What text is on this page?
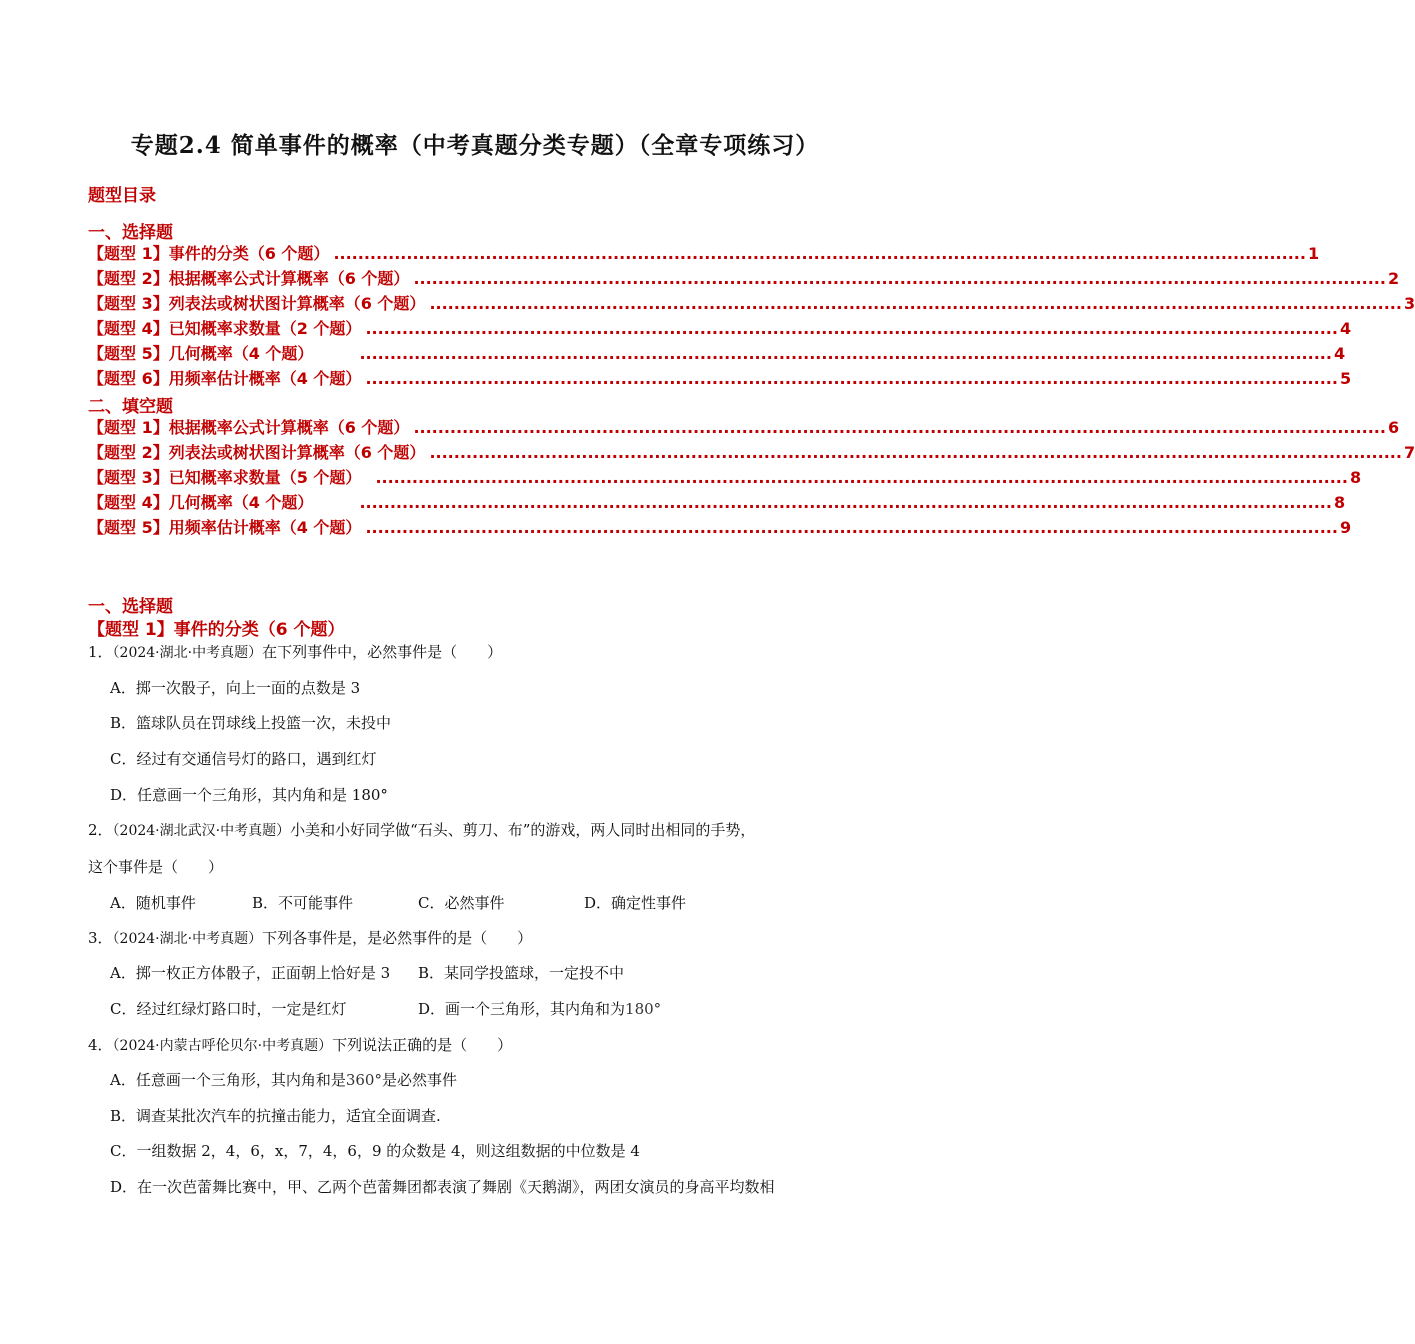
专题2.4 简单事件的概率（中考真题分类专题）（全章专项练习）
题型目录
一、选择题
【题型 1】事件的分类（6 个题） ................................................................................................................................................................ 1
【题型 2】根据概率公式计算概率（6 个题） ................................................................................................................................................................ 2
【题型 3】列表法或树状图计算概率（6 个题） ................................................................................................................................................................ 3
【题型 4】已知概率求数量（2 个题） ................................................................................................................................................................ 4
【题型 5】几何概率（4 个题）	................................................................................................................................................................ 4
【题型 6】用频率估计概率（4 个题） ................................................................................................................................................................ 5
二、填空题
【题型 1】根据概率公式计算概率（6 个题） ................................................................................................................................................................ 6
【题型 2】列表法或树状图计算概率（6 个题） ................................................................................................................................................................ 7
【题型 3】已知概率求数量（5 个题） ................................................................................................................................................................ 8
【题型 4】几何概率（4 个题）	................................................................................................................................................................ 8
【题型 5】用频率估计概率（4 个题） ................................................................................................................................................................ 9
一、选择题
【题型 1】事件的分类（6 个题）
1．（2024·湖北·中考真题）在下列事件中，必然事件是（　　）
A．掷一次骰子，向上一面的点数是 3
B．篮球队员在罚球线上投篮一次，未投中
C．经过有交通信号灯的路口，遇到红灯
D．任意画一个三角形，其内角和是 180°
2．（2024·湖北武汉·中考真题）小美和小好同学做“石头、剪刀、布”的游戏，两人同时出相同的手势，
这个事件是（　　）
A．随机事件	B．不可能事件	C．必然事件	D．确定性事件
3．（2024·湖北·中考真题）下列各事件是，是必然事件的是（　　）
A．掷一枚正方体骰子，正面朝上恰好是 3 B．某同学投篮球，一定投不中
C．经过红绿灯路口时，一定是红灯	D．画一个三角形，其内角和为180°
4．（2024·内蒙古呼伦贝尔·中考真题）下列说法正确的是（　　）
A．任意画一个三角形，其内角和是360°是必然事件
B．调查某批次汽车的抗撞击能力，适宜全面调查.
C．一组数据 2，4，6，x，7，4，6，9 的众数是 4，则这组数据的中位数是 4
D．在一次芭蕾舞比赛中，甲、乙两个芭蕾舞团都表演了舞剧《天鹅湖》，两团女演员的身高平均数相
